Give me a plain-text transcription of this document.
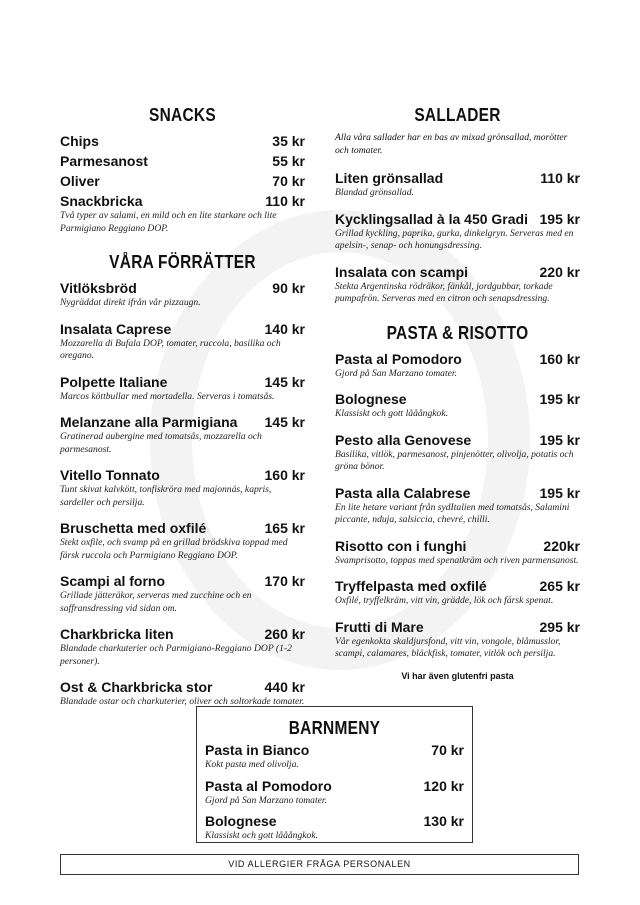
SNACKS
Chips	35 kr
Parmesanost	55 kr
Oliver	70 kr
Snackbricka	110 kr
Två typer av salami, en mild och en lite starkare och lite Parmigiano Reggiano DOP.
VÅRA FÖRRÄTTER
Vitlöksbröd	90 kr
Nygräddat direkt ifrån vår pizzaugn.
Insalata Caprese	140 kr
Mozzarella di Bufala DOP, tomater, ruccola, basilika och oregano.
Polpette Italiane	145 kr
Marcos köttbullar med mortadella. Serveras i tomatsås.
Melanzane alla Parmigiana 145 kr
Gratinerad aubergine med tomatsås, mozzarella och parmesanost.
Vitello Tonnato	160 kr
Tunt skivat kalvkött, tonfiskröra med majonnäs, kapris, sardeller och persilja.
Bruschetta med oxfilé	165 kr
Stekt oxfile, och svamp på en grillad brödskiva toppad med färsk ruccola och Parmigiano Reggiano DOP.
Scampi al forno	170 kr
Grillade jätteräkor, serveras med zucchine och en saffransdressing vid sidan om.
Charkbricka liten	260 kr
Blandade charkuterier och Parmigiano-Reggiano DOP (1-2 personer).
Ost & Charkbricka stor	440 kr
Blandade ostar och charkuterier, oliver och soltorkade tomater.
SALLADER
Alla våra sallader har en bas av mixad grönsallad, morötter och tomater.
Liten grönsallad	110 kr
Blandad grönsallad.
Kycklingsallad à la 450 Gradi 195 kr
Grillad kyckling, paprika, gurka, dinkelgryn. Serveras med en apelsin-, senap- och honungsdressing.
Insalata con scampi	220 kr
Stekta Argentinska rödräkor, fänkål, jordgubbar, torkade pumpafrön. Serveras med en citron och senapsdressing.
PASTA & RISOTTO
Pasta al Pomodoro	160 kr
Gjord på San Marzano tomater.
Bolognese	195 kr
Klassiskt och gott lååångkok.
Pesto alla Genovese	195 kr
Basilika, vitlök, parmesanost, pinjenötter, olivolja, potatis och gröna bönor.
Pasta alla Calabrese	195 kr
En lite hetare variant från sydItalien med tomatsås, Salamini piccante, nduja, salsiccia, chevré, chilli.
Risotto con i funghi	220kr
Svamprisotto, toppas med spenatkräm och riven parmensanost.
Tryffelpasta med oxfilé	265 kr
Oxfilé, tryffelkräm, vitt vin, grädde, lök och färsk spenat.
Frutti di Mare	295 kr
Vår egenkokta skaldjursfond, vitt vin, vongole, blåmusslor, scampi, calamares, bläckfisk, tomater, vitlök och persilja.
Vi har även glutenfri pasta
BARNMENY
Pasta in Bianco	70 kr
Kokt pasta med olivolja.
Pasta al Pomodoro	120 kr
Gjord på San Marzano tomater.
Bolognese	130 kr
Klassiskt och gott lååångkok.
VID ALLERGIER FRÅGA PERSONALEN
